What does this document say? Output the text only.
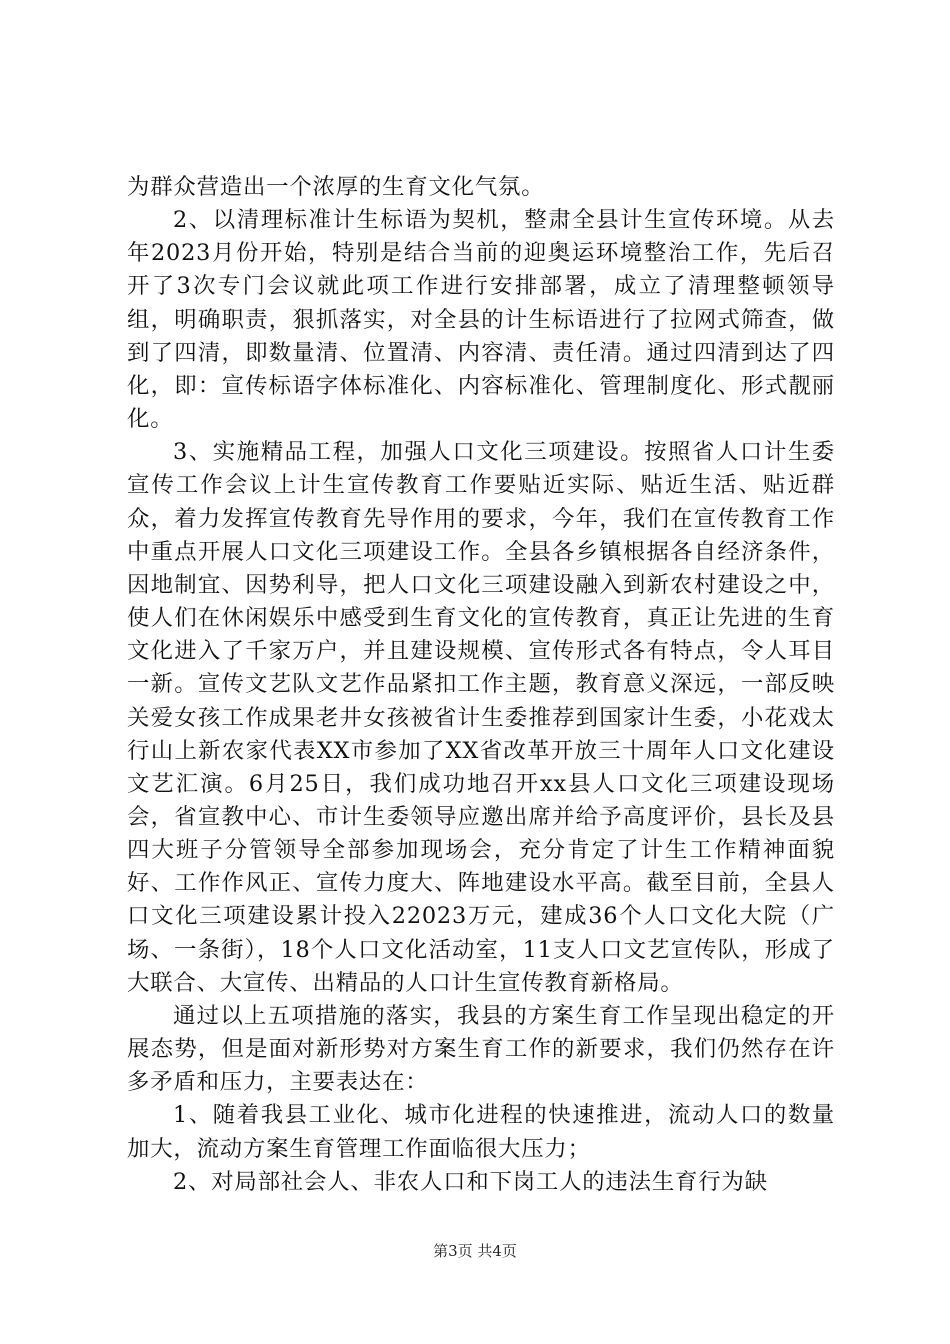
为群众营造出一个浓厚的生育文化气氛。

2、以清理标准计生标语为契机，整肃全县计生宣传环境。从去年2023月份开始，特别是结合当前的迎奥运环境整治工作，先后召开了3次专门会议就此项工作进行安排部署，成立了清理整顿领导组，明确职责，狠抓落实，对全县的计生标语进行了拉网式筛查，做到了四清，即数量清、位置清、内容清、责任清。通过四清到达了四化，即：宣传标语字体标准化、内容标准化、管理制度化、形式靓丽化。

3、实施精品工程，加强人口文化三项建设。按照省人口计生委宣传工作会议上计生宣传教育工作要贴近实际、贴近生活、贴近群众，着力发挥宣传教育先导作用的要求，今年，我们在宣传教育工作中重点开展人口文化三项建设工作。全县各乡镇根据各自经济条件，因地制宜、因势利导，把人口文化三项建设融入到新农村建设之中，使人们在休闲娱乐中感受到生育文化的宣传教育，真正让先进的生育文化进入了千家万户，并且建设规模、宣传形式各有特点，令人耳目一新。宣传文艺队文艺作品紧扣工作主题，教育意义深远，一部反映关爱女孩工作成果老井女孩被省计生委推荐到国家计生委，小花戏太行山上新农家代表XX市参加了XX省改革开放三十周年人口文化建设文艺汇演。6月25日，我们成功地召开xx县人口文化三项建设现场会，省宣教中心、市计生委领导应邀出席并给予高度评价，县长及县四大班子分管领导全部参加现场会，充分肯定了计生工作精神面貌好、工作作风正、宣传力度大、阵地建设水平高。截至目前，全县人口文化三项建设累计投入22023万元，建成36个人口文化大院（广场、一条街），18个人口文化活动室，11支人口文艺宣传队，形成了大联合、大宣传、出精品的人口计生宣传教育新格局。

通过以上五项措施的落实，我县的方案生育工作呈现出稳定的开展态势，但是面对新形势对方案生育工作的新要求，我们仍然存在许多矛盾和压力，主要表达在：

1、随着我县工业化、城市化进程的快速推进，流动人口的数量加大，流动方案生育管理工作面临很大压力；

2、对局部社会人、非农人口和下岗工人的违法生育行为缺

第3页 共4页
